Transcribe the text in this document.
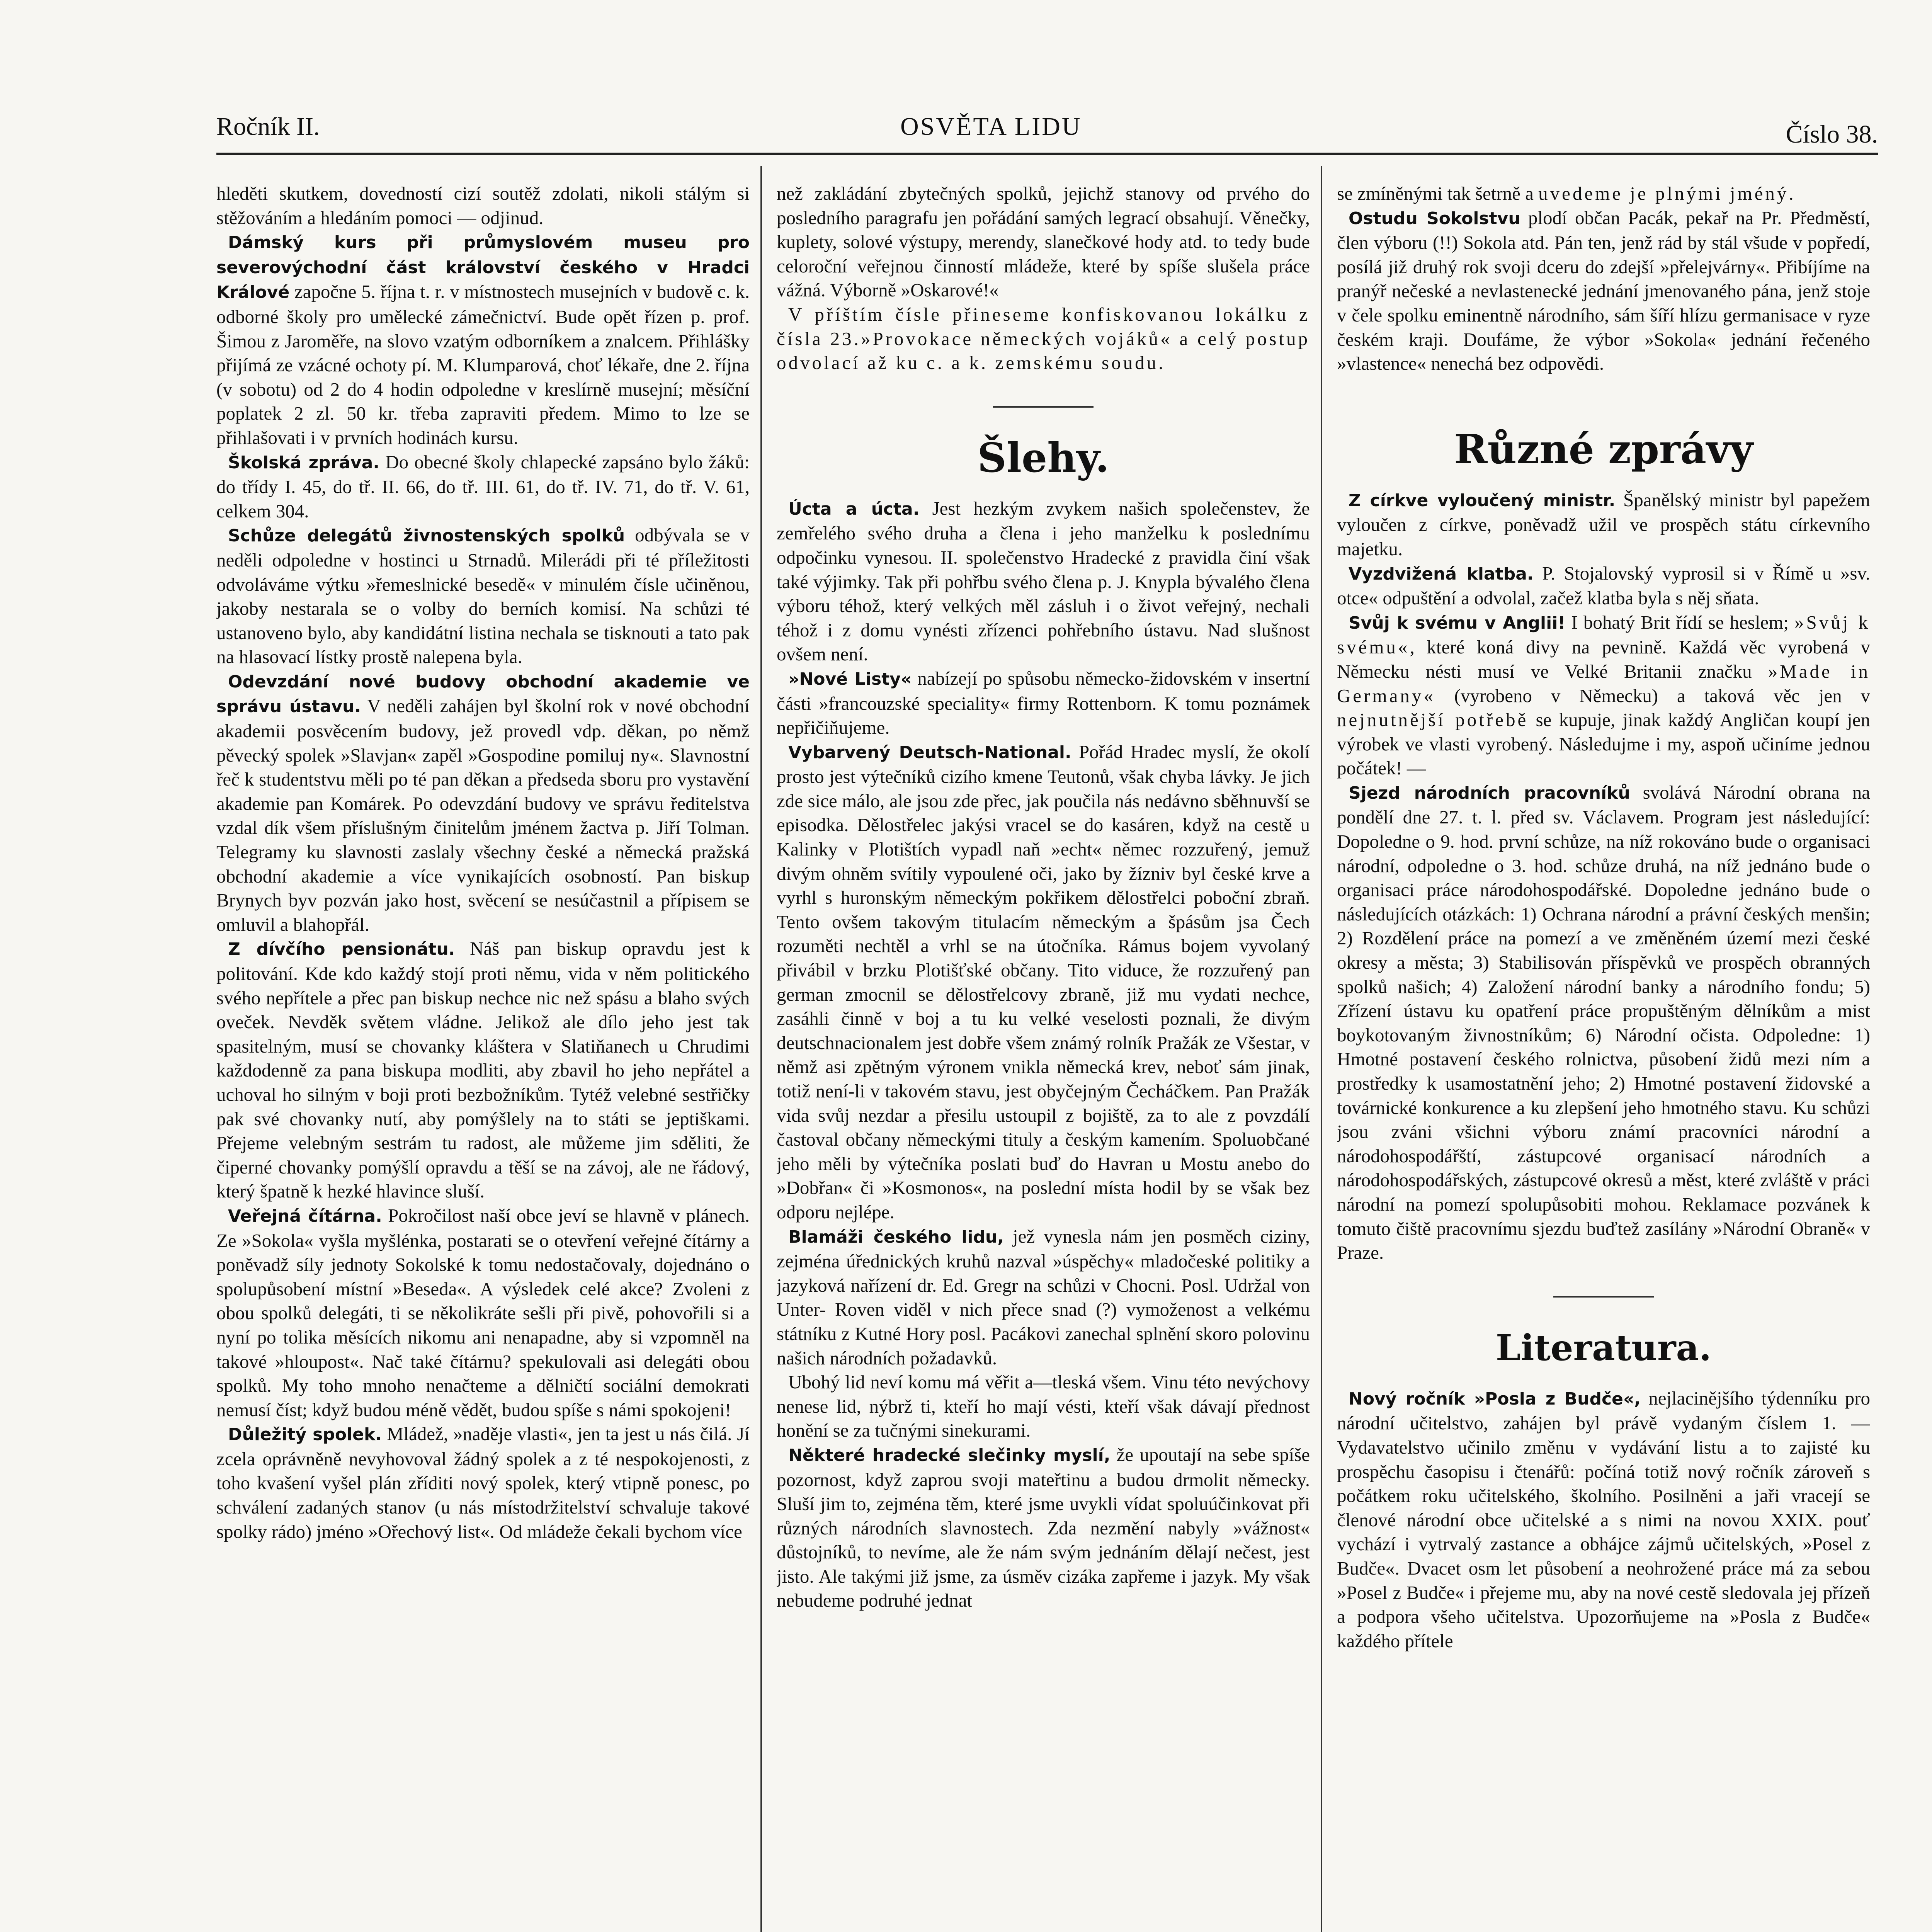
Ročník II.	OSVĚTA LIDU	Číslo 38.

hleděti skutkem, dovedností cizí soutěž zdolati, nikoli stálým si stěžováním a hledáním pomoci — odjinud.

Dámský kurs při průmyslovém museu pro severovýchodní část království českého v Hradci Králové započne 5. října t. r. v místnostech musejních v budově c. k. odborné školy pro umělecké zámečnictví. Bude opět řízen p. prof. Šimou z Jaroměře, na slovo vzatým odborníkem a znalcem. Přihlášky přijímá ze vzácné ochoty pí. M. Klumparová, choť lékaře, dne 2. října (v sobotu) od 2 do 4 hodin odpoledne v kreslírně musejní; měsíční poplatek 2 zl. 50 kr. třeba zapraviti předem. Mimo to lze se přihlašovati i v prvních hodinách kursu.

Školská zpráva. Do obecné školy chlapecké zapsáno bylo žáků: do třídy I. 45, do tř. II. 66, do tř. III. 61, do tř. IV. 71, do tř. V. 61, celkem 304.

Schůze delegátů živnostenských spolků odbývala se v neděli odpoledne v hostinci u Strnadů. Milerádi při té příležitosti odvoláváme výtku »řemeslnické besedě« v minulém čísle učiněnou, jakoby nestarala se o volby do berních komisí. Na schůzi té ustanoveno bylo, aby kandidátní listina nechala se tisknouti a tato pak na hlasovací lístky prostě nalepena byla.

Odevzdání nové budovy obchodní akademie ve správu ústavu. V neděli zahájen byl školní rok v nové obchodní akademii posvěcením budovy, jež provedl vdp. děkan, po němž pěvecký spolek »Slavjan« zapěl »Gospodine pomiluj ny«. Slavnostní řeč k studentstvu měli po té pan děkan a předseda sboru pro vystavění akademie pan Komárek. Po odevzdání budovy ve správu ředitelstva vzdal dík všem příslušným činitelům jménem žactva p. Jiří Tolman. Telegramy ku slavnosti zaslaly všechny české a německá pražská obchodní akademie a více vynikajících osobností. Pan biskup Brynych byv pozván jako host, svěcení se nesúčastnil a přípisem se omluvil a blahopřál.

Z dívčího pensionátu. Náš pan biskup opravdu jest k politování. Kde kdo každý stojí proti němu, vida v něm politického svého nepřítele a přec pan biskup nechce nic než spásu a blaho svých oveček. Nevděk světem vládne. Jelikož ale dílo jeho jest tak spasitelným, musí se chovanky kláštera v Slatiňanech u Chrudimi každodenně za pana biskupa modliti, aby zbavil ho jeho nepřátel a uchoval ho silným v boji proti bezbožníkům. Tytéž velebné sestřičky pak své chovanky nutí, aby pomýšlely na to státi se jeptiškami. Přejeme velebným sestrám tu radost, ale můžeme jim sděliti, že čiperné chovanky pomýšlí opravdu a těší se na závoj, ale ne řádový, který špatně k hezké hlavince sluší.

Veřejná čítárna. Pokročilost naší obce jeví se hlavně v plánech. Ze »Sokola« vyšla myšlénka, postarati se o otevření veřejné čítárny a poněvadž síly jednoty Sokolské k tomu nedostačovaly, dojednáno o spolupůsobení místní »Beseda«. A výsledek celé akce? Zvoleni z obou spolků delegáti, ti se několikráte sešli při pivě, pohovořili si a nyní po tolika měsících nikomu ani nenapadne, aby si vzpomněl na takové »hloupost«. Nač také čítárnu? spekulovali asi delegáti obou spolků. My toho mnoho nenačteme a dělničtí sociální demokrati nemusí číst; když budou méně vědět, budou spíše s námi spokojeni!

Důležitý spolek. Mládež, »naděje vlasti«, jen ta jest u nás čilá. Jí zcela oprávněně nevyhovoval žádný spolek a z té nespokojenosti, z toho kvašení vyšel plán zříditi nový spolek, který vtipně ponesc, po schválení zadaných stanov (u nás místodržitelství schvaluje takové spolky rádo) jméno »Ořechový list«. Od mládeže čekali bychom více

než zakládání zbytečných spolků, jejichž stanovy od prvého do posledního paragrafu jen pořádání samých legrací obsahují. Věnečky, kuplety, solové výstupy, merendy, slanečkové hody atd. to tedy bude celoroční veřejnou činností mládeže, které by spíše slušela práce vážná. Výborně »Oskarové!«

V příštím čísle přineseme konfiskovanou lokálku z čísla 23.»Provokace německých vojáků« a celý postup odvolací až ku c. a k. zemskému soudu.

Šlehy.

Úcta a úcta. Jest hezkým zvykem našich společenstev, že zemřelého svého druha a člena i jeho manželku k poslednímu odpočinku vynesou. II. společenstvo Hradecké z pravidla činí však také výjimky. Tak při pohřbu svého člena p. J. Knypla bývalého člena výboru téhož, který velkých měl zásluh i o život veřejný, nechali téhož i z domu vynésti zřízenci pohřebního ústavu. Nad slušnost ovšem není.

»Nové Listy« nabízejí po spůsobu německo-židovském v insertní části »francouzské speciality« firmy Rottenborn. K tomu poznámek nepřičiňujeme.

Vybarvený Deutsch-National. Pořád Hradec myslí, že okolí prosto jest výtečníků cizího kmene Teutonů, však chyba lávky. Je jich zde sice málo, ale jsou zde přec, jak poučila nás nedávno sběhnuvší se episodka. Dělostřelec jakýsi vracel se do kasáren, když na cestě u Kalinky v Plotištích vypadl naň »echt« němec rozzuřený, jemuž divým ohněm svítily vypoulené oči, jako by žízniv byl české krve a vyrhl s huronským německým pokřikem dělostřelci poboční zbraň. Tento ovšem takovým titulacím německým a špásům jsa Čech rozuměti nechtěl a vrhl se na útočníka. Rámus bojem vyvolaný přivábil v brzku Plotišťské občany. Tito viduce, že rozzuřený pan german zmocnil se dělostřelcovy zbraně, již mu vydati nechce, zasáhli činně v boj a tu ku velké veselosti poznali, že divým deutschnacionalem jest dobře všem známý rolník Pražák ze Všestar, v němž asi zpětným výronem vnikla německá krev, neboť sám jinak, totiž není-li v takovém stavu, jest obyčejným Čecháčkem. Pan Pražák vida svůj nezdar a přesilu ustoupil z bojiště, za to ale z povzdálí častoval občany německými tituly a českým kamením. Spoluobčané jeho měli by výtečníka poslati buď do Havran u Mostu anebo do »Dobřan« či »Kosmonos«, na poslední místa hodil by se však bez odporu nejlépe.

Blamáži českého lidu, jež vynesla nám jen posměch ciziny, zejména úřednických kruhů nazval »úspěchy« mladočeské politiky a jazyková nařízení dr. Ed. Gregr na schůzi v Chocni. Posl. Udržal von Unter- Roven viděl v nich přece snad (?) vymoženost a velkému státníku z Kutné Hory posl. Pacákovi zanechal splnění skoro polovinu našich národních požadavků.

Ubohý lid neví komu má věřit a—tleská všem. Vinu této nevýchovy nenese lid, nýbrž ti, kteří ho mají vésti, kteří však dávají přednost honění se za tučnými sinekurami.

Některé hradecké slečinky myslí, že upoutají na sebe spíše pozornost, když zaprou svoji mateřtinu a budou drmolit německy. Sluší jim to, zejména těm, které jsme uvykli vídat spoluúčinkovat při různých národních slavnostech. Zda nezmění nabyly »vážnost« důstojníků, to nevíme, ale že nám svým jednáním dělají nečest, jest jisto. Ale takými již jsme, za úsměv cizáka zapřeme i jazyk. My však nebudeme podruhé jednat

se zmíněnými tak šetrně a uvedeme je plnými jméný.

Ostudu Sokolstvu plodí občan Pacák, pekař na Pr. Předměstí, člen výboru (!!) Sokola atd. Pán ten, jenž rád by stál všude v popředí, posílá již druhý rok svoji dceru do zdejší »přelejvárny«. Přibíjíme na pranýř nečeské a nevlastenecké jednání jmenovaného pána, jenž stoje v čele spolku eminentně národního, sám šíří hlízu germanisace v ryze českém kraji. Doufáme, že výbor »Sokola« jednání řečeného »vlastence« nenechá bez odpovědi.

Různé zprávy

Z církve vyloučený ministr. Španělský ministr byl papežem vyloučen z církve, poněvadž užil ve prospěch státu církevního majetku.

Vyzdvižená klatba. P. Stojalovský vyprosil si v Římě u »sv. otce« odpuštění a odvolal, začež klatba byla s něj sňata.

Svůj k svému v Anglii! I bohatý Brit řídí se heslem; »Svůj k svému«, které koná divy na pevnině. Každá věc vyrobená v Německu nésti musí ve Velké Britanii značku »Made in Germany« (vyrobeno v Německu) a taková věc jen v nejnutnější potřebě se kupuje, jinak každý Angličan koupí jen výrobek ve vlasti vyrobený. Následujme i my, aspoň učiníme jednou počátek! —

Sjezd národních pracovníků svolává Národní obrana na pondělí dne 27. t. l. před sv. Václavem. Program jest následující: Dopoledne o 9. hod. první schůze, na níž rokováno bude o organisaci národní, odpoledne o 3. hod. schůze druhá, na níž jednáno bude o organisaci práce národohospodářské. Dopoledne jednáno bude o následujících otázkách: 1) Ochrana národní a právní českých menšin; 2) Rozdělení práce na pomezí a ve změněném území mezi české okresy a města; 3) Stabilisován příspěvků ve prospěch obranných spolků našich; 4) Založení národní banky a národního fondu; 5) Zřízení ústavu ku opatření práce propuštěným dělníkům a mist boykotovaným živnostníkům; 6) Národní očista. Odpoledne: 1) Hmotné postavení českého rolnictva, působení židů mezi ním a prostředky k usamostatnění jeho; 2) Hmotné postavení židovské a továrnické konkurence a ku zlepšení jeho hmotného stavu. Ku schůzi jsou zváni všichni výboru známí pracovníci národní a národohospodářští, zástupcové organisací národních a národohospodářských, zástupcové okresů a měst, které zvláště v práci národní na pomezí spolupůsobiti mohou. Reklamace pozvánek k tomuto čiště pracovnímu sjezdu buďtež zasílány »Národní Obraně« v Praze.

Literatura.

Nový ročník »Posla z Budče«, nejlacinějšího týdenníku pro národní učitelstvo, zahájen byl právě vydaným číslem 1. — Vydavatelstvo učinilo změnu v vydávání listu a to zajisté ku prospěchu časopisu i čtenářů: počíná totiž nový ročník zároveň s počátkem roku učitelského, školního. Posilněni a jaři vracejí se členové národní obce učitelské a s nimi na novou XXIX. pouť vychází i vytrvalý zastance a obhájce zájmů učitelských, »Posel z Budče«. Dvacet osm let působení a neohrožené práce má za sebou »Posel z Budče« i přejeme mu, aby na nové cestě sledovala jej přízeň a podpora všeho učitelstva. Upozorňujeme na »Posla z Budče« každého přítele
